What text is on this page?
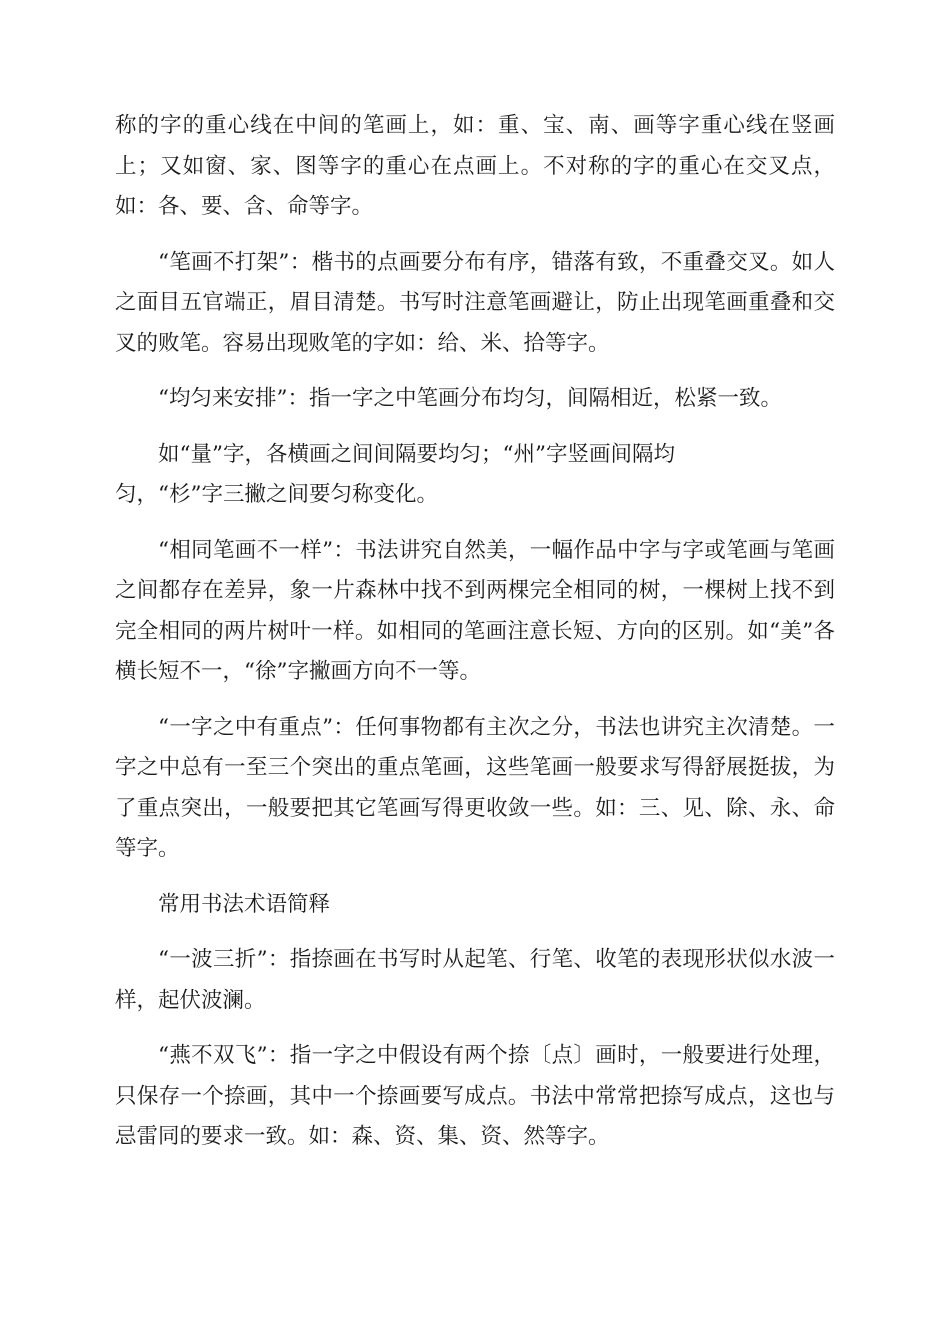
称的字的重心线在中间的笔画上，如：重、宝、南、画等字重心线在竖画上；又如窗、家、图等字的重心在点画上。不对称的字的重心在交叉点，如：各、要、含、命等字。

“笔画不打架”：楷书的点画要分布有序，错落有致，不重叠交叉。如人之面目五官端正，眉目清楚。书写时注意笔画避让，防止出现笔画重叠和交叉的败笔。容易出现败笔的字如：给、米、拾等字。

“均匀来安排”：指一字之中笔画分布均匀，间隔相近，松紧一致。

如“量”字，各横画之间间隔要均匀；“州”字竖画间隔均
匀，“杉”字三撇之间要匀称变化。

“相同笔画不一样”：书法讲究自然美，一幅作品中字与字或笔画与笔画之间都存在差异，象一片森林中找不到两棵完全相同的树，一棵树上找不到完全相同的两片树叶一样。如相同的笔画注意长短、方向的区别。如“美”各横长短不一，“徐”字撇画方向不一等。

“一字之中有重点”：任何事物都有主次之分，书法也讲究主次清楚。一字之中总有一至三个突出的重点笔画，这些笔画一般要求写得舒展挺拔，为了重点突出，一般要把其它笔画写得更收敛一些。如：三、见、除、永、命等字。

常用书法术语简释

“一波三折”：指捺画在书写时从起笔、行笔、收笔的表现形状似水波一样，起伏波澜。

“燕不双飞”：指一字之中假设有两个捺〔点〕画时，一般要进行处理，只保存一个捺画，其中一个捺画要写成点。书法中常常把捺写成点，这也与忌雷同的要求一致。如：森、资、集、资、然等字。
